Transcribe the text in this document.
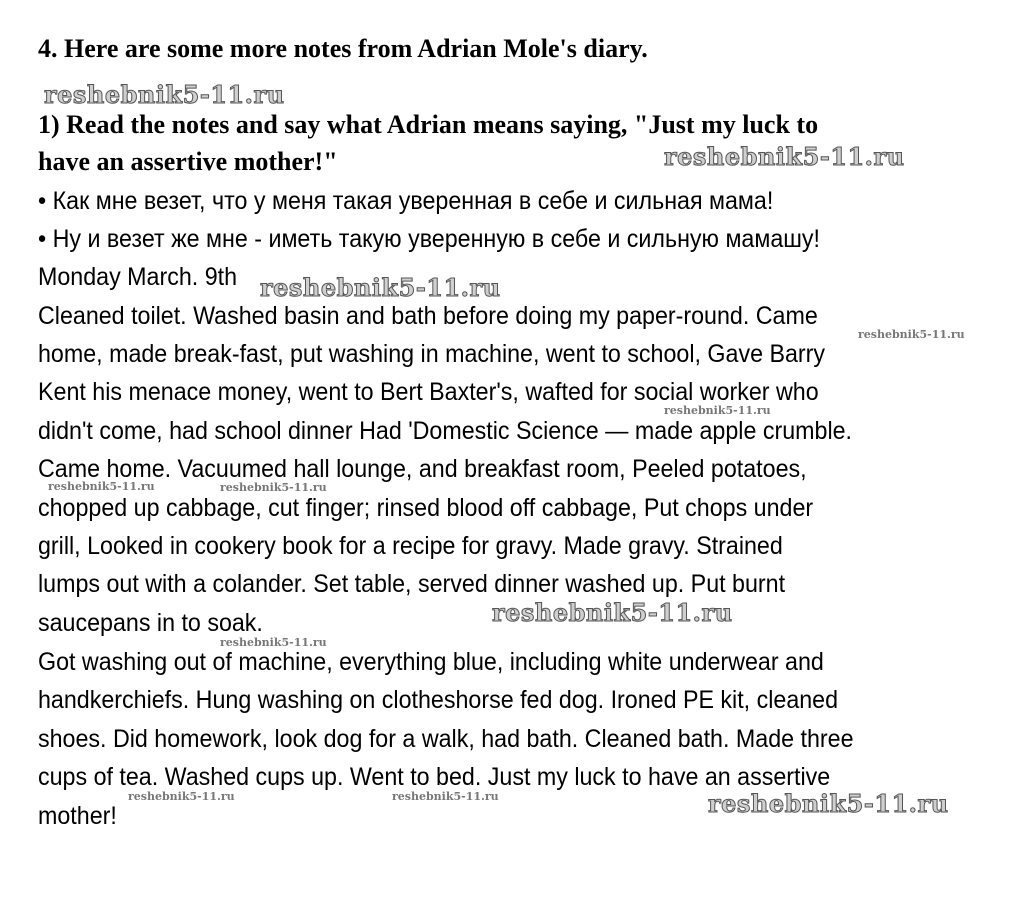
4. Here are some more notes from Adrian Mole's diary.
1) Read the notes and say what Adrian means saying, "Just my luck to
have an assertive mother!"
• Как мне везет, что у меня такая уверенная в себе и сильная мама!
• Ну и везет же мне - иметь такую уверенную в себе и сильную мамашу!
Monday March. 9th
Cleaned toilet. Washed basin and bath before doing my paper-round. Came
home, made break-fast, put washing in machine, went to school, Gave Barry
Kent his menace money, went to Bert Baxter's, wafted for social worker who
didn't come, had school dinner Had 'Domestic Science — made apple crumble.
Came home. Vacuumed hall lounge, and breakfast room, Peeled potatoes,
chopped up cabbage, cut finger; rinsed blood off cabbage, Put chops under
grill, Looked in cookery book for a recipe for gravy. Made gravy. Strained
lumps out with a colander. Set table, served dinner washed up. Put burnt
saucepans in to soak.
Got washing out of machine, everything blue, including white underwear and
handkerchiefs. Hung washing on clotheshorse fed dog. Ironed PE kit, cleaned
shoes. Did homework, look dog for a walk, had bath. Cleaned bath. Made three
cups of tea. Washed cups up. Went to bed. Just my luck to have an assertive
mother!
reshebnik5-11.ru
reshebnik5-11.ru
reshebnik5-11.ru
reshebnik5-11.ru
reshebnik5-11.ru
reshebnik5-11.ru	reshebnik5-11.ru
reshebnik5-11.ru
reshebnik5-11.ru
reshebnik5-11.ru	reshebnik5-11.ru	reshebnik5-11.ru
